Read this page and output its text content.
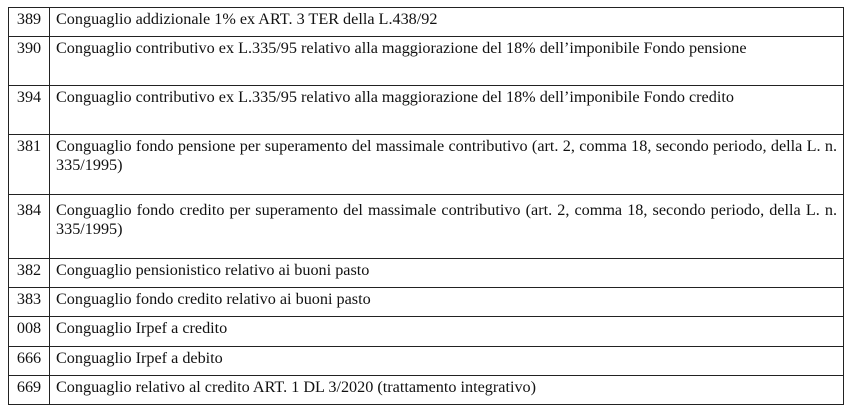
389	Conguaglio addizionale 1% ex ART. 3 TER della L.438/92
390	Conguaglio contributivo ex L.335/95 relativo alla maggiorazione del 18% dell’imponibile Fondo pensione
394	Conguaglio contributivo ex L.335/95 relativo alla maggiorazione del 18% dell’imponibile Fondo credito
381	Conguaglio fondo pensione per superamento del massimale contributivo (art. 2, comma 18, secondo periodo, della L. n. 335/1995)
384	Conguaglio fondo credito per superamento del massimale contributivo (art. 2, comma 18, secondo periodo, della L. n. 335/1995)
382	Conguaglio pensionistico relativo ai buoni pasto
383	Conguaglio fondo credito relativo ai buoni pasto
008	Conguaglio Irpef a credito
666	Conguaglio Irpef a debito
669	Conguaglio relativo al credito ART. 1 DL 3/2020 (trattamento integrativo)
